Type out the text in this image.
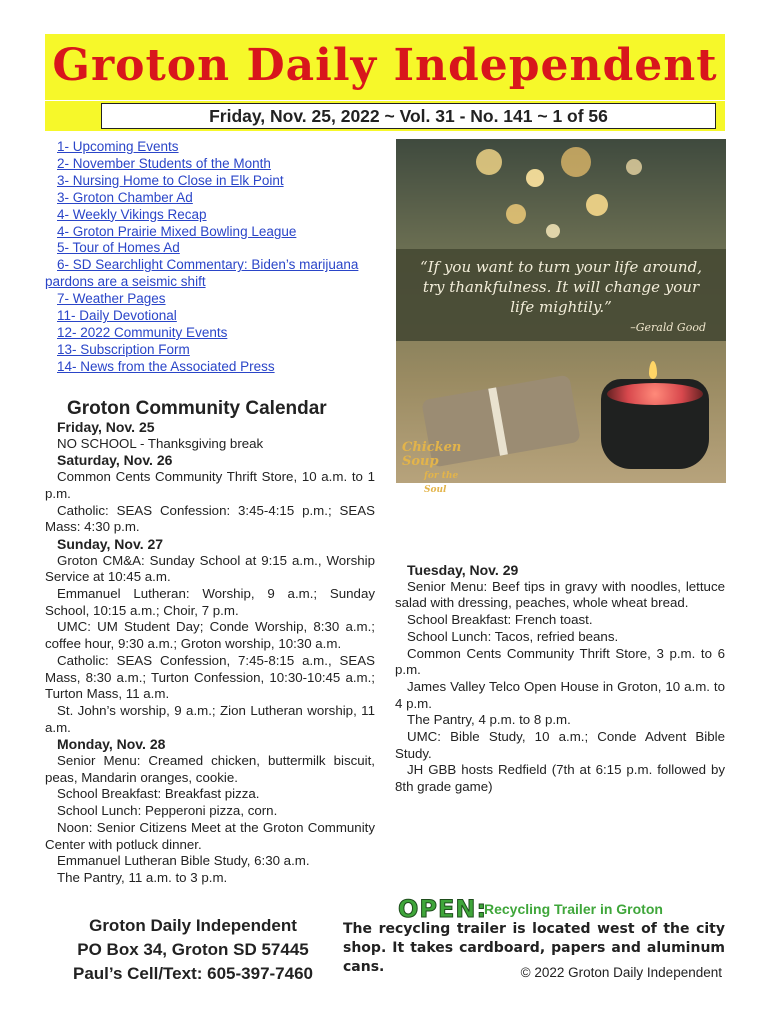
Groton Daily Independent
Friday, Nov. 25, 2022 ~ Vol. 31 - No. 141 ~ 1 of 56
1- Upcoming Events
2- November Students of the Month
3- Nursing Home to Close in Elk Point
3- Groton Chamber Ad
4- Weekly Vikings Recap
4- Groton Prairie Mixed Bowling League
5- Tour of Homes Ad
6- SD Searchlight Commentary: Biden’s marijuana
pardons are a seismic shift
7- Weather Pages
11- Daily Devotional
12- 2022 Community Events
13- Subscription Form
14- News from the Associated Press
“If you want to turn your life around, try thankfulness. It will change your life mightily.”
–Gerald Good
Chicken Soup
for the Soul
Groton Community Calendar

Friday, Nov. 25

NO SCHOOL - Thanksgiving break

Saturday, Nov. 26

Common Cents Community Thrift Store, 10 a.m. to 1 p.m.

Catholic: SEAS Confession: 3:45-4:15 p.m.; SEAS Mass: 4:30 p.m.

Sunday, Nov. 27

Groton CM&A: Sunday School at 9:15 a.m., Worship Service at 10:45 a.m.

Emmanuel Lutheran: Worship, 9 a.m.; Sunday School, 10:15 a.m.; Choir, 7 p.m.

UMC: UM Student Day; Conde Worship, 8:30 a.m.; coffee hour, 9:30 a.m.; Groton worship, 10:30 a.m.

Catholic: SEAS Confession, 7:45-8:15 a.m., SEAS Mass, 8:30 a.m.; Turton Confession, 10:30-10:45 a.m.; Turton Mass, 11 a.m.

St. John’s worship, 9 a.m.; Zion Lutheran worship, 11 a.m.

Monday, Nov. 28

Senior Menu: Creamed chicken, buttermilk biscuit, peas, Mandarin oranges, cookie.

School Breakfast: Breakfast pizza.

School Lunch: Pepperoni pizza, corn.

Noon: Senior Citizens Meet at the Groton Community Center with potluck dinner.

Emmanuel Lutheran Bible Study, 6:30 a.m.

The Pantry, 11 a.m. to 3 p.m.

Tuesday, Nov. 29

Senior Menu: Beef tips in gravy with noodles, lettuce salad with dressing, peaches, whole wheat bread.

School Breakfast: French toast.

School Lunch: Tacos, refried beans.

Common Cents Community Thrift Store, 3 p.m. to 6 p.m.

James Valley Telco Open House in Groton, 10 a.m. to 4 p.m.

The Pantry, 4 p.m. to 8 p.m.

UMC: Bible Study, 10 a.m.; Conde Advent Bible Study.

JH GBB hosts Redfield (7th at 6:15 p.m. followed by 8th grade game)

Groton Daily Independent
PO Box 34, Groton SD 57445
Paul’s Cell/Text: 605-397-7460
OPEN:
Recycling Trailer in Groton
The recycling trailer is located west of the city shop. It takes cardboard, papers and aluminum cans.	© 2022 Groton Daily Independent
